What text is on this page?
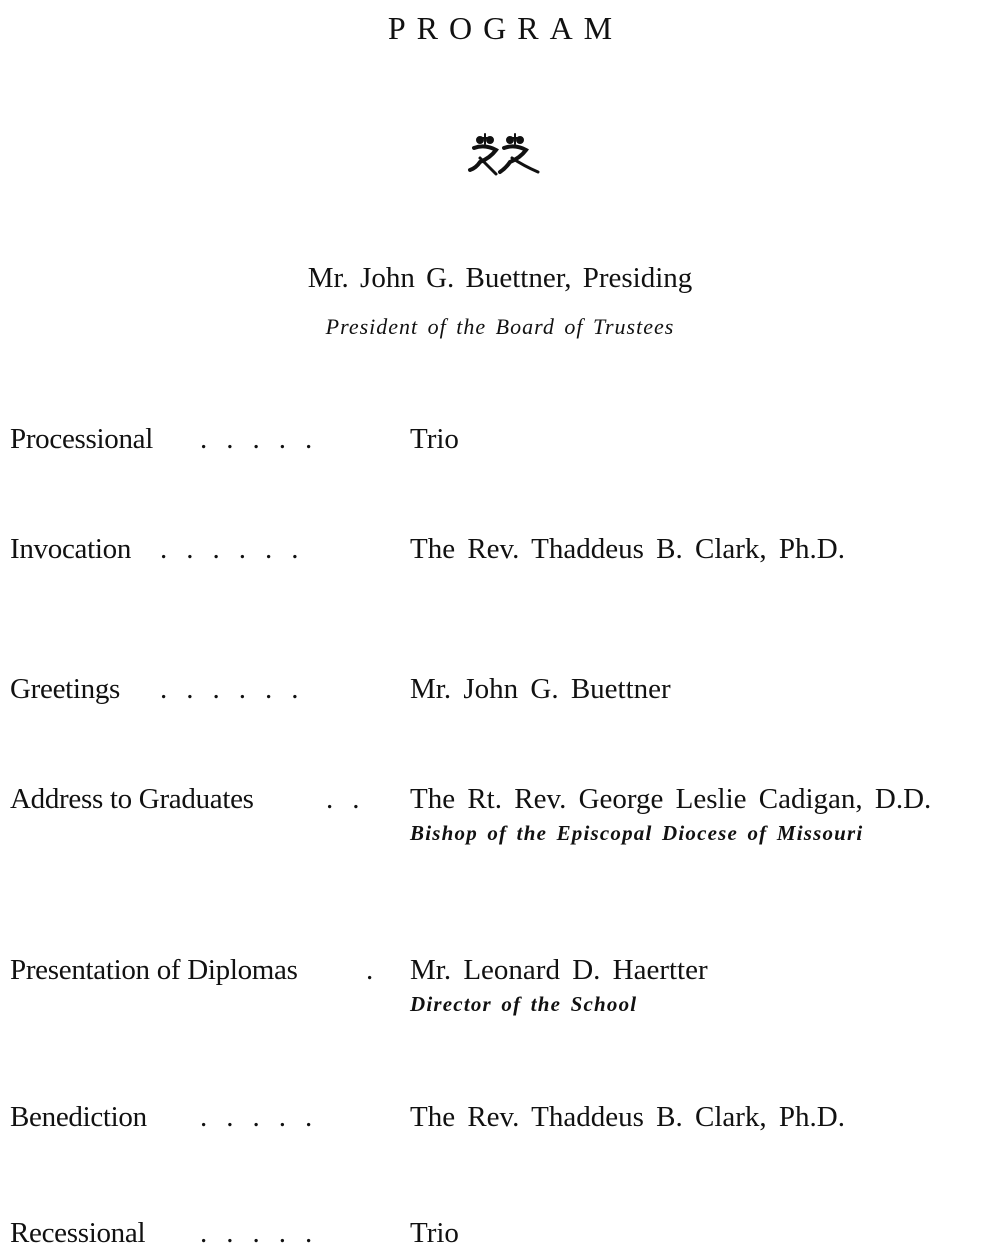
PROGRAM
Mr. John G. Buettner, Presiding
President of the Board of Trustees
Processional .....	Trio
Invocation ......	The Rev. Thaddeus B. Clark, Ph.D.
Greetings ......	Mr. John G. Buettner
Address to Graduates .. The Rt. Rev. George Leslie Cadigan, D.D.
Bishop of the Episcopal Diocese of Missouri
Presentation of Diplomas . Mr. Leonard D. Haertter
Director of the School
Benediction .....	The Rev. Thaddeus B. Clark, Ph.D.
Recessional .....	Trio
